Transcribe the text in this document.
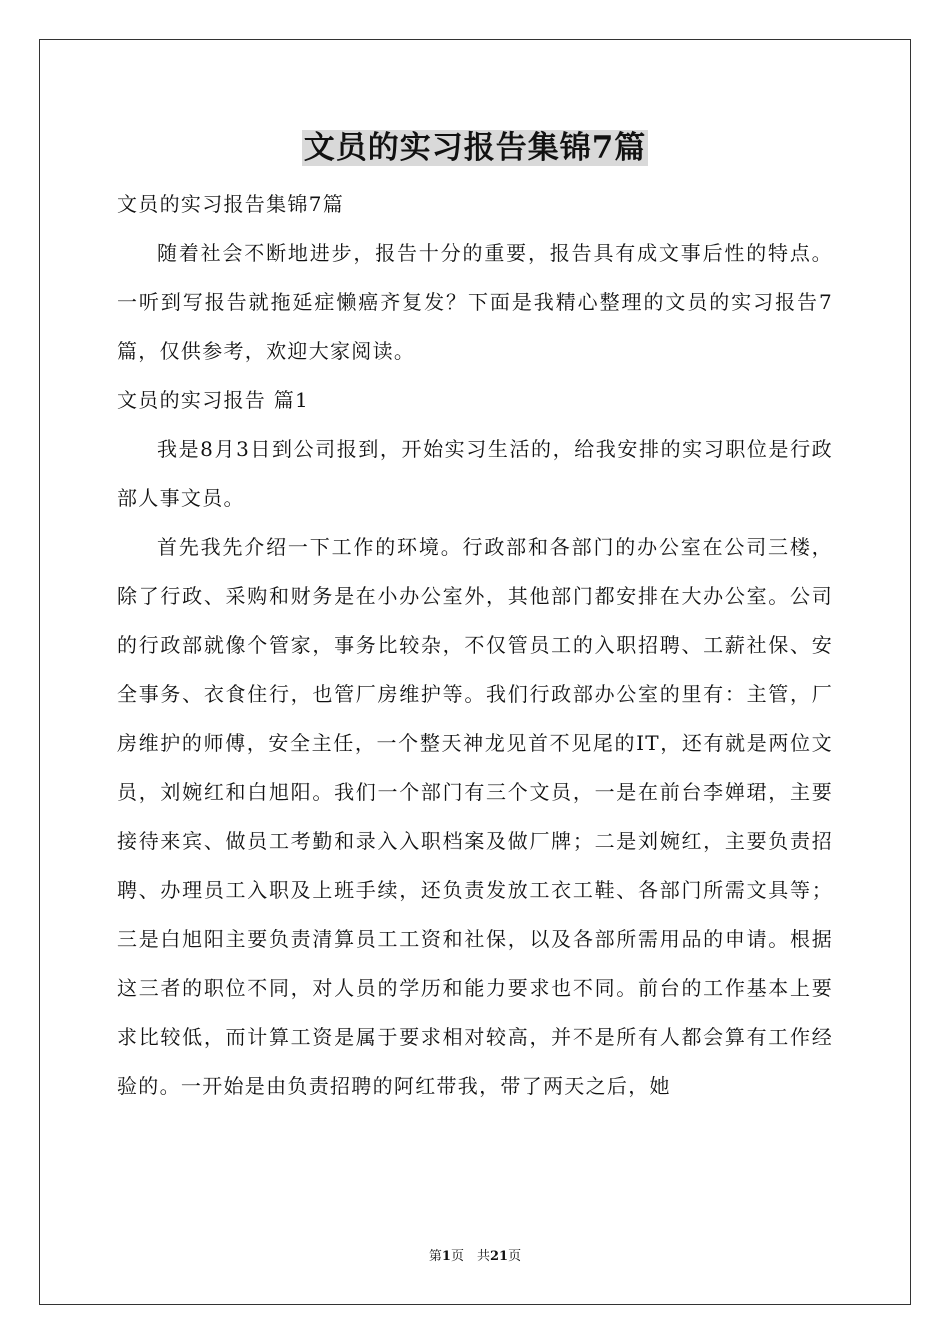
文员的实习报告集锦7篇

文员的实习报告集锦7篇

随着社会不断地进步，报告十分的重要，报告具有成文事后性的特点。一听到写报告就拖延症懒癌齐复发？下面是我精心整理的文员的实习报告7篇，仅供参考，欢迎大家阅读。

文员的实习报告 篇1

我是8月3日到公司报到，开始实习生活的，给我安排的实习职位是行政部人事文员。

首先我先介绍一下工作的环境。行政部和各部门的办公室在公司三楼，除了行政、采购和财务是在小办公室外，其他部门都安排在大办公室。公司的行政部就像个管家，事务比较杂，不仅管员工的入职招聘、工薪社保、安全事务、衣食住行，也管厂房维护等。我们行政部办公室的里有：主管，厂房维护的师傅，安全主任，一个整天神龙见首不见尾的IT，还有就是两位文员，刘婉红和白旭阳。我们一个部门有三个文员，一是在前台李婵珺，主要接待来宾、做员工考勤和录入入职档案及做厂牌；二是刘婉红，主要负责招聘、办理员工入职及上班手续，还负责发放工衣工鞋、各部门所需文具等；三是白旭阳主要负责清算员工工资和社保，以及各部所需用品的申请。根据这三者的职位不同，对人员的学历和能力要求也不同。前台的工作基本上要求比较低，而计算工资是属于要求相对较高，并不是所有人都会算有工作经验的。一开始是由负责招聘的阿红带我，带了两天之后，她

第1页　共21页
